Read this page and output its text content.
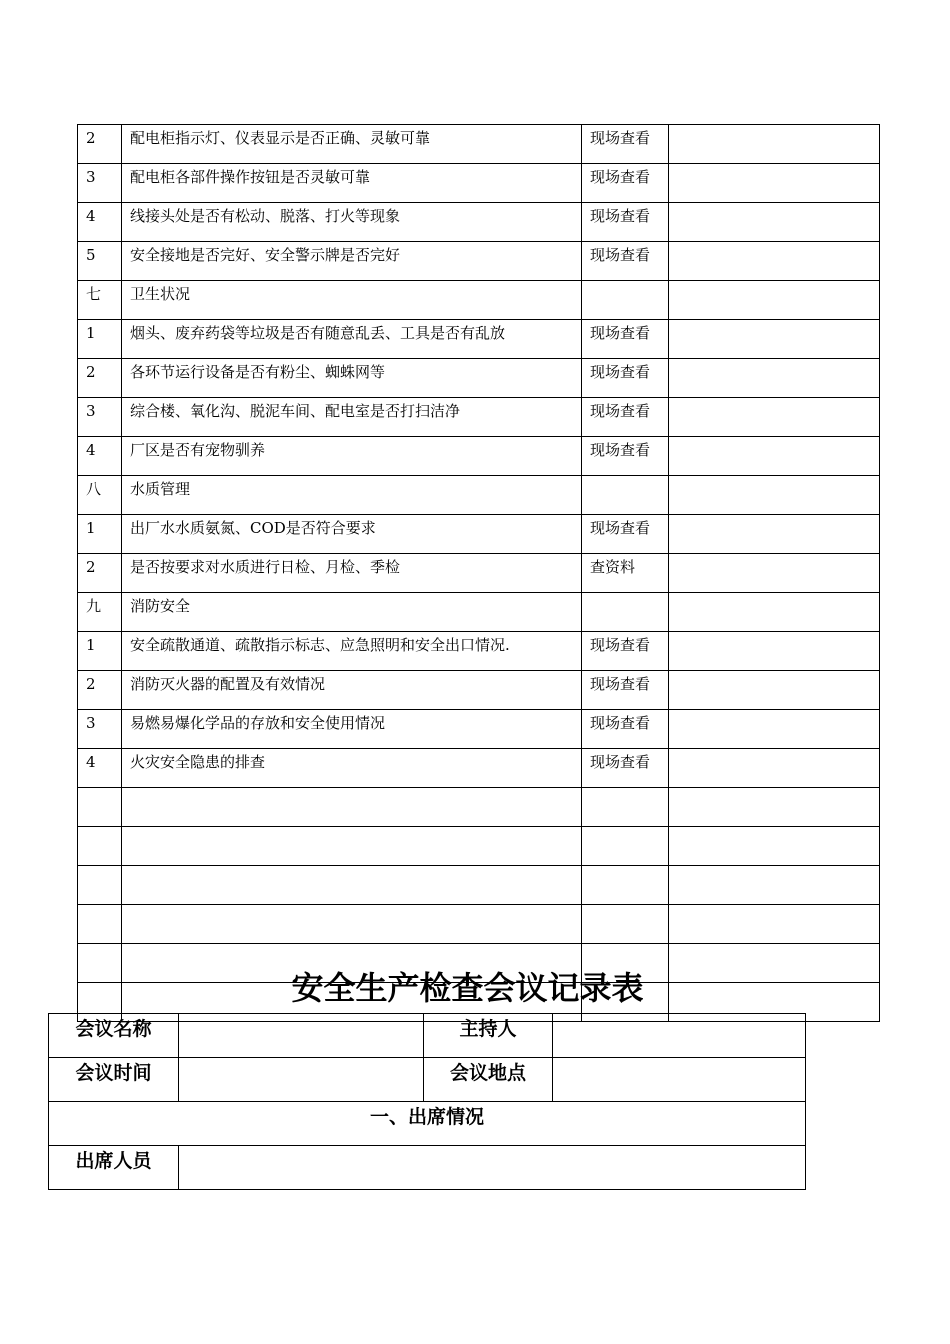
2	配电柜指示灯、仪表显示是否正确、灵敏可靠	现场查看	
3	配电柜各部件操作按钮是否灵敏可靠	现场查看	
4	线接头处是否有松动、脱落、打火等现象	现场查看	
5	安全接地是否完好、安全警示牌是否完好	现场查看	
七	卫生状况		
1	烟头、废弃药袋等垃圾是否有随意乱丢、工具是否有乱放	现场查看	
2	各环节运行设备是否有粉尘、蜘蛛网等	现场查看	
3	综合楼、氧化沟、脱泥车间、配电室是否打扫洁净	现场查看	
4	厂区是否有宠物驯养	现场查看	
八	水质管理		
1	出厂水水质氨氮、COD是否符合要求	现场查看	
2	是否按要求对水质进行日检、月检、季检	查资料	
九	消防安全		
1	安全疏散通道、疏散指示标志、应急照明和安全出口情况.	现场查看	
2	消防灭火器的配置及有效情况	现场查看	
3	易燃易爆化学品的存放和安全使用情况	现场查看	
4	火灾安全隐患的排查	现场查看	

安全生产检查会议记录表
会议名称		主持人	
会议时间		会议地点	
一、出席情况			
出席人员			
